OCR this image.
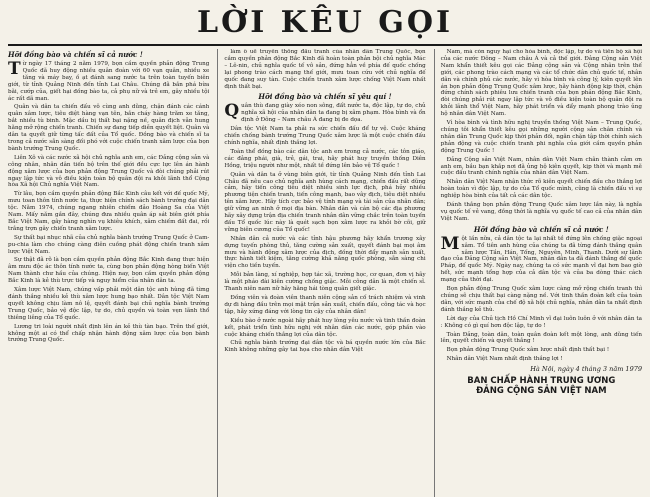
LỜI KÊU GỌI
Hỡi đồng bào và chiến sĩ cả nước !

Từ ngày 17 tháng 2 năm 1979, bọn cầm quyền phản động Trung Quốc đã huy động nhiều quân đoàn với 60 vạn quân, nhiều xe tăng và máy bay, ồ ạt đánh sang nước ta trên toàn tuyến biên giới, từ tỉnh Quảng Ninh đến tỉnh Lai Châu. Chúng đã bắn phá bừa bãi, cướp của, giết hại đồng bào ta, cả phụ nữ và trẻ em, gây nhiều tội ác rất dã man.

Quân và dân ta chiến đấu vô cùng anh dũng, chặn đánh các cánh quân xâm lược, tiêu diệt hàng vạn tên, bắn cháy hàng trăm xe tăng, bắt nhiều tù binh. Mặc dầu bị thất bại nặng nề, quân địch vẫn hung hăng mở rộng chiến tranh. Chiến sự đang tiếp diễn quyết liệt. Quân và dân ta quyết giữ từng tấc đất của Tổ quốc. Đồng bào và chiến sĩ ta trong cả nước sẵn sàng đối phó với cuộc chiến tranh xâm lược của bọn bành trướng Trung Quốc.

Liên Xô và các nước xã hội chủ nghĩa anh em, các Đảng cộng sản và công nhân, nhân dân tiến bộ trên thế giới đều cực lực lên án hành động xâm lược của bọn phản động Trung Quốc và đòi chúng phải rút ngay lập tức và vô điều kiện toàn bộ quân đội ra khỏi lãnh thổ Cộng hòa Xã hội Chủ nghĩa Việt Nam.

Từ lâu, bọn cầm quyền phản động Bắc Kinh câu kết với đế quốc Mỹ, mưu toan thôn tính nước ta, thực hiện chính sách bành trướng đại dân tộc. Năm 1974, chúng ngang nhiên chiếm đảo Hoàng Sa của Việt Nam. Mấy năm gần đây, chúng đưa nhiều quân áp sát biên giới phía Bắc Việt Nam, gây hàng nghìn vụ khiêu khích, xâm chiếm đất đai, rồi trắng trợn gây chiến tranh xâm lược.

Sự thất bại nhục nhã của chủ nghĩa bành trướng Trung Quốc ở Cam-pu-chia làm cho chúng càng điên cuồng phát động chiến tranh xâm lược Việt Nam.

Sự thật đã rõ là bọn cầm quyền phản động Bắc Kinh đang thực hiện âm mưu độc ác thôn tính nước ta, cùng bọn phản động hòng biến Việt Nam thành chư hầu của chúng. Hiện nay, bọn cầm quyền phản động Bắc Kinh là kẻ thù trực tiếp và nguy hiểm của nhân dân ta.

Xâm lược Việt Nam, chúng vấp phải một dân tộc anh hùng đã từng đánh thắng nhiều kẻ thù xâm lược hung bạo nhất. Dân tộc Việt Nam quyết không chịu làm nô lệ, quyết đánh bại chủ nghĩa bành trướng Trung Quốc, bảo vệ độc lập, tự do, chủ quyền và toàn vẹn lãnh thổ thiêng liêng của Tổ quốc.

Lương tri loài người nhất định lên án kẻ thù tàn bạo. Trên thế giới, không một ai có thể chấp nhận hành động xâm lược của bọn bành trướng Trung Quốc.

làm ô uế truyền thống đấu tranh của nhân dân Trung Quốc, bọn cầm quyền phản động Bắc Kinh đã hoàn toàn phản bội chủ nghĩa Mác – Lê-nin, chủ nghĩa quốc tế vô sản, đứng hẳn về phía đế quốc chống lại phong trào cách mạng thế giới, mưu toan cứu vớt chủ nghĩa đế quốc đang suy tàn. Cuộc chiến tranh xâm lược chống Việt Nam nhất định thất bại.

Hỡi đồng bào và chiến sĩ yêu quí !

Quân thù đang giày xéo non sông, đất nước ta, độc lập, tự do, chủ nghĩa xã hội của nhân dân ta đang bị xâm phạm. Hòa bình và ổn định ở Đông – Nam châu Á đang bị đe dọa.

Dân tộc Việt Nam ta phải ra sức chiến đấu để tự vệ. Cuộc kháng chiến chống bành trướng Trung Quốc xâm lược là một cuộc chiến đấu chính nghĩa, nhất định thắng lợi.

Toàn thể đồng bào các dân tộc anh em trong cả nước, các tôn giáo, các đảng phái, già, trẻ, gái, trai, hãy phát huy truyền thống Diên Hồng, triệu người như một, nhất tề đứng lên bảo vệ Tổ quốc !

Quân và dân ta ở vùng biên giới, từ tỉnh Quảng Ninh đến tỉnh Lai Châu đã nêu cao chủ nghĩa anh hùng cách mạng, chiến đấu rất dũng cảm, hãy tiến công tiêu diệt nhiều sinh lực địch, phá hủy nhiều phương tiện chiến tranh, tiến công mạnh, bao vây địch, tiêu diệt nhiều tên xâm lược. Hãy tích cực bảo vệ tính mạng và tài sản của nhân dân; giữ vững an ninh ở mọi địa bàn. Nhân dân và cán bộ các địa phương hãy xây dựng trận địa chiến tranh nhân dân vững chắc trên toàn tuyến đấu Tổ quốc lúc này là quét sạch bọn xâm lược ra khỏi bờ cõi, giữ vững biên cương của Tổ quốc!

Nhân dân cả nước và các tỉnh hậu phương hãy khẩn trương xây dựng tuyến phòng thủ, tăng cường sản xuất, quyết đánh bại mọi âm mưu và hành động xâm lược của địch, đồng thời đẩy mạnh sản xuất, thực hành tiết kiệm, tăng cường khả năng quốc phòng, sẵn sàng chi viện cho tiền tuyến.

Mỗi bản làng, xí nghiệp, hợp tác xã, trường học, cơ quan, đơn vị hãy là một pháo đài kiên cường chống giặc. Mỗi công dân là một chiến sĩ. Thanh niên nam nữ hãy hăng hái tòng quân giết giặc.

Đồng viên và đoàn viên thanh niên cộng sản cố trách nhiệm và vinh dự đi hàng đầu trên mọi mặt trận sản xuất, chiến đấu, công tác và học tập, hãy xứng đáng với lòng tin cậy của nhân dân!

Kiều bào ở nước ngoài hãy phát huy lòng yêu nước và tinh thần đoàn kết, phát triển tình hữu nghị với nhân dân các nước, góp phần vào cuộc kháng chiến thắng lợi của dân tộc.

Chủ nghĩa bành trướng đại dân tộc và bá quyền nước lớn của Bắc Kinh không những gây tai họa cho nhân dân Việt

Nam, mà còn nguy hại cho hòa bình, độc lập, tự do và tiến bộ xã hội của các nước Đông – Nam châu Á và cả thế giới. Đảng Cộng sản Việt Nam khẩn thiết kêu gọi các Đảng cộng sản và Cộng nhân trên thế giới, các phong trào cách mạng và các tổ chức dân chủ quốc tế, nhân dân và chính phủ các nước, hãy vì hòa bình và công lý, kiên quyết lên án bọn phản động Trung Quốc xâm lược, hãy hành động kịp thời, chặn đứng chính sách phiêu lưu chiến tranh của bọn phản động Bắc Kinh, đòi chúng phải rút ngay lập tức và vô điều kiện toàn bộ quân đội ra khỏi lãnh thổ Việt Nam, hãy phát triển và đẩy mạnh phong trào ủng hộ nhân dân Việt Nam.

Vì hòa bình và tình hữu nghị truyền thống Việt Nam – Trung Quốc, chúng tôi khẩn thiết kêu gọi những người cộng sản chân chính và nhân dân Trung Quốc kịp thời phản đối, ngăn chặn tập thời chính sách phản động và cuộc chiến tranh phi nghĩa của giới cầm quyền phản động Trung Quốc !

Đảng Cộng sản Việt Nam, nhân dân Việt Nam chân thành cảm ơn anh em, bầu bạn khắp nơi đã ủng hộ kiên quyết, kịp thời và mạnh mẽ cuộc đấu tranh chính nghĩa của nhân dân Việt Nam.

Nhân dân Việt Nam nhận thức rõ kiên quyết chiến đấu cho thắng lợi hoàn toàn vì độc lập, tự do của Tổ quốc mình, cũng là chiến đấu vì sự nghiệp hòa bình của tất cả các dân tộc.

Đánh thắng bọn phản động Trung Quốc xâm lược lần này, là nghĩa vụ quốc tế vẻ vang, đồng thời là nghĩa vụ quốc tế cao cả của nhân dân Việt Nam.

Hỡi đồng bào và chiến sĩ cả nước !

Một lần nữa, cả dân tộc ta lại nhất tề đứng lên chống giặc ngoại xâm. Tổ tiên anh hùng của chúng ta đã từng đánh thắng quân xâm lược Tần, Hán, Tống, Nguyên, Minh, Thanh. Dưới sự lãnh đạo của Đảng Cộng sản Việt Nam, nhân dân ta đã đánh thắng đế quốc Pháp, đế quốc Mỹ. Ngày nay, chúng ta có sức mạnh vĩ đại hơn bao giờ hết, sức mạnh tổng hợp của cả dân tộc và của ba dòng thác cách mạng của thời đại.

Bọn phản động Trung Quốc xâm lược càng mở rộng chiến tranh thì chúng sẽ chịu thất bại càng nặng nề. Với tinh thần đoàn kết của toàn dân, với sức mạnh của chế độ xã hội chủ nghĩa, nhân dân ta nhất định đánh thắng kẻ thù.

Lời dạy của Chủ tịch Hồ Chí Minh vĩ đại luôn luôn ở với nhân dân ta : Không có gì quí hơn độc lập, tự do !

Toàn Đảng, toàn dân, toàn quân đoàn kết một lòng, anh dũng tiến lên, quyết chiến và quyết thắng !

Bọn phản động Trung Quốc xâm lược nhất định thất bại !

Nhân dân Việt Nam nhất định thắng lợi !

Hà Nội, ngày 4 tháng 3 năm 1979
BAN CHẤP HÀNH TRUNG ƯƠNG
ĐẢNG CỘNG SẢN VIỆT NAM
